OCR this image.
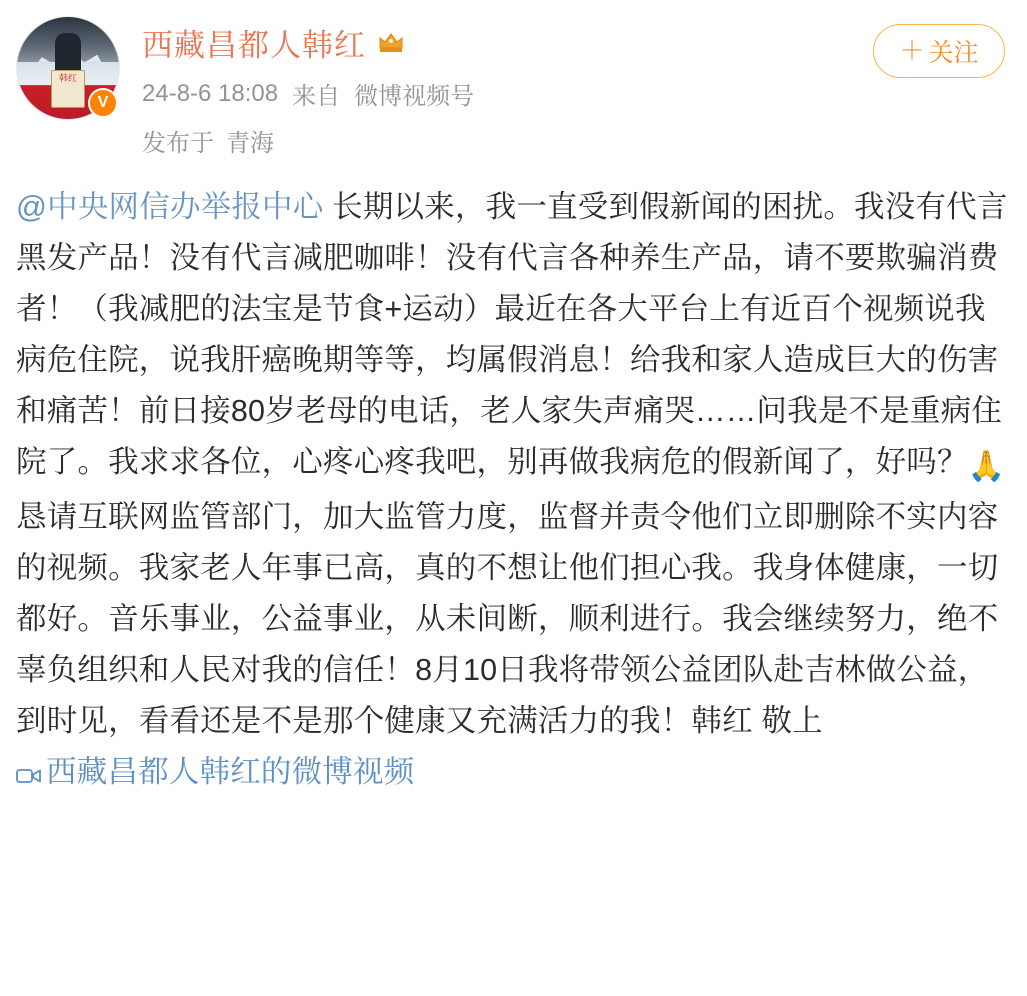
韩红
V
西藏昌都人韩红
24-8-6 18:08 来自 微博视频号
发布于 青海
＋ 关注
@中央网信办举报中心 长期以来，我一直受到假新闻的困扰。我没有代言黑发产品！没有代言减肥咖啡！没有代言各种养生产品，请不要欺骗消费者！（我减肥的法宝是节食+运动）最近在各大平台上有近百个视频说我病危住院，说我肝癌晚期等等，均属假消息！给我和家人造成巨大的伤害和痛苦！前日接80岁老母的电话，老人家失声痛哭……问我是不是重病住院了。我求求各位，心疼心疼我吧，别再做我病危的假新闻了，好吗？🙏 恳请互联网监管部门，加大监管力度，监督并责令他们立即删除不实内容的视频。我家老人年事已高，真的不想让他们担心我。我身体健康，一切都好。音乐事业，公益事业，从未间断，顺利进行。我会继续努力，绝不辜负组织和人民对我的信任！8月10日我将带领公益团队赴吉林做公益，到时见，看看还是不是那个健康又充满活力的我！韩红 敬上 西藏昌都人韩红的微博视频
